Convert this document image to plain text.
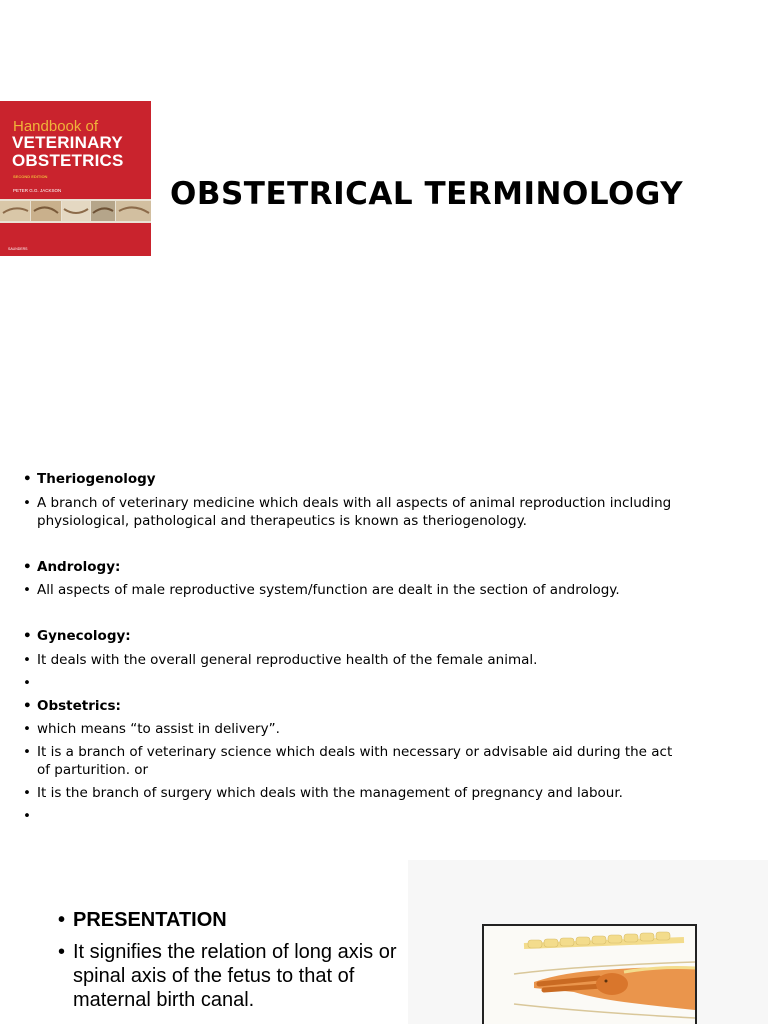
Handbook of
VETERINARY
OBSTETRICS
SECOND EDITION
PETER G.G. JACKSON
SAUNDERS
OBSTETRICAL TERMINOLOGY
• Theriogenology
• A branch of veterinary medicine which deals with all aspects of animal reproduction including physiological, pathological and therapeutics is known as theriogenology.
• Andrology:
• All aspects of male reproductive system/function are dealt in the section of andrology.
• Gynecology:
• It deals with the overall general reproductive health of the female animal.
•
• Obstetrics:
• which means “to assist in delivery”.
• It is a branch of veterinary science which deals with necessary or advisable aid during the act of parturition. or
• It is the branch of surgery which deals with the management of pregnancy and labour.
•
• PRESENTATION
• It signifies the relation of long axis or spinal axis of the fetus to that of maternal birth canal.
